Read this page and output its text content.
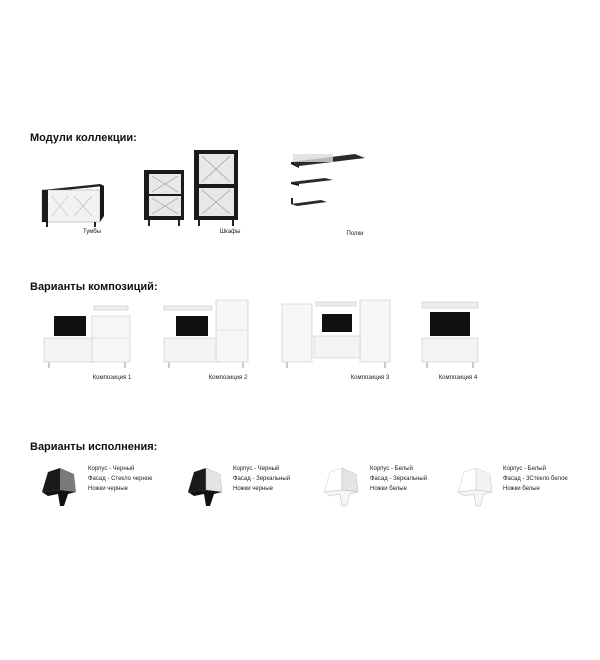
Модули коллекции:
Тумбы	Шкафы	Полки
Варианты композиций:
Композиция 1	Композиция 2	Композиция 3	Композиция 4
Варианты исполнения:
Корпус - Черный
Фасад - Стекло черное
Ножки черные
Корпус - Черный
Фасад - Зеркальный
Ножки черные
Корпус - Белый
Фасад - Зеркальный
Ножки белые
Корпус - Белый
Фасад - 3Стекло белое
Ножки белые
